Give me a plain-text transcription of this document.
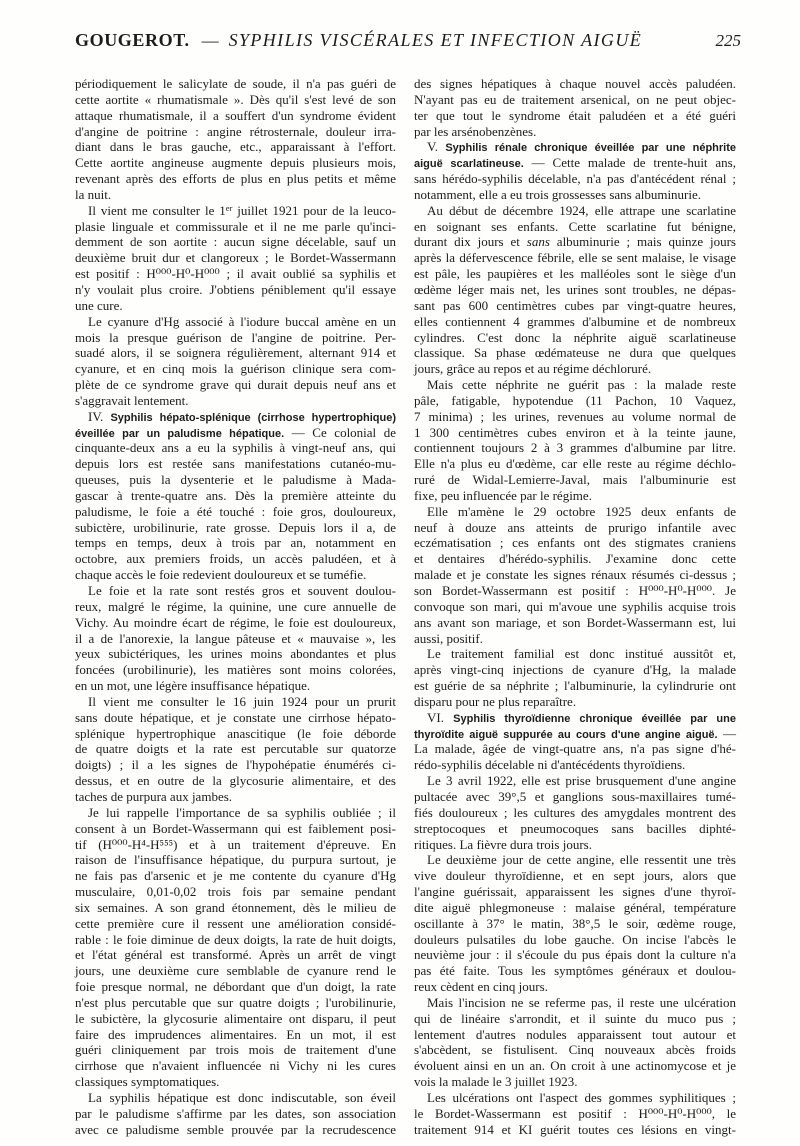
GOUGEROT. — SYPHILIS VISCÉRALES ET INFECTION AIGUË	225
périodiquement le salicylate de soude, il n'a pas guéri de
cette aortite « rhumatismale ». Dès qu'il s'est levé de son
attaque rhumatismale, il a souffert d'un syndrome évident
d'angine de poitrine : angine rétrosternale, douleur irra-
diant dans le bras gauche, etc., apparaissant à l'effort.
Cette aortite angineuse augmente depuis plusieurs mois,
revenant après des efforts de plus en plus petits et même
la nuit.
Il vient me consulter le 1er juillet 1921 pour de la leuco-
plasie linguale et commissurale et il ne me parle qu'inci-
demment de son aortite : aucun signe décelable, sauf un
deuxième bruit dur et clangoreux ; le Bordet-Wassermann
est positif : H⁰⁰⁰-H⁰-H⁰⁰⁰ ; il avait oublié sa syphilis et
n'y voulait plus croire. J'obtiens péniblement qu'il essaye
une cure.
Le cyanure d'Hg associé à l'iodure buccal amène en un
mois la presque guérison de l'angine de poitrine. Per-
suadé alors, il se soignera régulièrement, alternant 914 et
cyanure, et en cinq mois la guérison clinique sera com-
plète de ce syndrome grave qui durait depuis neuf ans et
s'aggravait lentement.
IV. Syphilis hépato-splénique (cirrhose hypertrophique)
éveillée par un paludisme hépatique. — Ce colonial de
cinquante-deux ans a eu la syphilis à vingt-neuf ans, qui
depuis lors est restée sans manifestations cutanéo-mu-
queuses, puis la dysenterie et le paludisme à Mada-
gascar à trente-quatre ans. Dès la première atteinte du
paludisme, le foie a été touché : foie gros, douloureux,
subictère, urobilinurie, rate grosse. Depuis lors il a, de
temps en temps, deux à trois par an, notamment en
octobre, aux premiers froids, un accès paludéen, et à
chaque accès le foie redevient douloureux et se tuméfie.
Le foie et la rate sont restés gros et souvent doulou-
reux, malgré le régime, la quinine, une cure annuelle de
Vichy. Au moindre écart de régime, le foie est douloureux,
il a de l'anorexie, la langue pâteuse et « mauvaise », les
yeux subictériques, les urines moins abondantes et plus
foncées (urobilinurie), les matières sont moins colorées,
en un mot, une légère insuffisance hépatique.
Il vient me consulter le 16 juin 1924 pour un prurit
sans doute hépatique, et je constate une cirrhose hépato-
splénique hypertrophique anascitique (le foie déborde
de quatre doigts et la rate est percutable sur quatorze
doigts) ; il a les signes de l'hypohépatie énumérés ci-
dessus, et en outre de la glycosurie alimentaire, et des
taches de purpura aux jambes.
Je lui rappelle l'importance de sa syphilis oubliée ; il
consent à un Bordet-Wassermann qui est faiblement posi-
tif (H⁰⁰⁰-H⁴-H⁵⁵⁵) et à un traitement d'épreuve. En
raison de l'insuffisance hépatique, du purpura surtout, je
ne fais pas d'arsenic et je me contente du cyanure d'Hg
musculaire, 0,01-0,02 trois fois par semaine pendant
six semaines. A son grand étonnement, dès le milieu de
cette première cure il ressent une amélioration considé-
rable : le foie diminue de deux doigts, la rate de huit doigts,
et l'état général est transformé. Après un arrêt de vingt
jours, une deuxième cure semblable de cyanure rend le
foie presque normal, ne débordant que d'un doigt, la rate
n'est plus percutable que sur quatre doigts ; l'urobilinurie,
le subictère, la glycosurie alimentaire ont disparu, il peut
faire des imprudences alimentaires. En un mot, il est
guéri cliniquement par trois mois de traitement d'une
cirrhose que n'avaient influencée ni Vichy ni les cures
classiques symptomatiques.
La syphilis hépatique est donc indiscutable, son éveil
par le paludisme s'affirme par les dates, son association
avec ce paludisme semble prouvée par la recrudescence
des signes hépatiques à chaque nouvel accès paludéen.
N'ayant pas eu de traitement arsenical, on ne peut objec-
ter que tout le syndrome était paludéen et a été guéri
par les arsénobenzènes.
V. Syphilis rénale chronique éveillée par une néphrite
aiguë scarlatineuse. — Cette malade de trente-huit ans,
sans hérédo-syphilis décelable, n'a pas d'antécédent rénal ;
notamment, elle a eu trois grossesses sans albuminurie.
Au début de décembre 1924, elle attrape une scarlatine
en soignant ses enfants. Cette scarlatine fut bénigne,
durant dix jours et sans albuminurie ; mais quinze jours
après la défervescence fébrile, elle se sent malaise, le visage
est pâle, les paupières et les malléoles sont le siège d'un
œdème léger mais net, les urines sont troubles, ne dépas-
sant pas 600 centimètres cubes par vingt-quatre heures,
elles contiennent 4 grammes d'albumine et de nombreux
cylindres. C'est donc la néphrite aiguë scarlatineuse
classique. Sa phase œdémateuse ne dura que quelques
jours, grâce au repos et au régime déchloruré.
Mais cette néphrite ne guérit pas : la malade reste
pâle, fatigable, hypotendue (11 Pachon, 10 Vaquez,
7 minima) ; les urines, revenues au volume normal de
1 300 centimètres cubes environ et à la teinte jaune,
contiennent toujours 2 à 3 grammes d'albumine par litre.
Elle n'a plus eu d'œdème, car elle reste au régime déchlo-
ruré de Widal-Lemierre-Javal, mais l'albuminurie est
fixe, peu influencée par le régime.
Elle m'amène le 29 octobre 1925 deux enfants de
neuf à douze ans atteints de prurigo infantile avec
eczématisation ; ces enfants ont des stigmates craniens
et dentaires d'hérédo-syphilis. J'examine donc cette
malade et je constate les signes rénaux résumés ci-dessus ;
son Bordet-Wassermann est positif : H⁰⁰⁰-H⁰-H⁰⁰⁰. Je
convoque son mari, qui m'avoue une syphilis acquise trois
ans avant son mariage, et son Bordet-Wassermann est, lui
aussi, positif.
Le traitement familial est donc institué aussitôt et,
après vingt-cinq injections de cyanure d'Hg, la malade
est guérie de sa néphrite ; l'albuminurie, la cylindrurie ont
disparu pour ne plus reparaître.
VI. Syphilis thyroïdienne chronique éveillée par une
thyroïdite aiguë suppurée au cours d'une angine aiguë. —
La malade, âgée de vingt-quatre ans, n'a pas signe d'hé-
rédo-syphilis décelable ni d'antécédents thyroïdiens.
Le 3 avril 1922, elle est prise brusquement d'une angine
pultacée avec 39°,5 et ganglions sous-maxillaires tumé-
fiés douloureux ; les cultures des amygdales montrent des
streptocoques et pneumocoques sans bacilles diphté-
ritiques. La fièvre dura trois jours.
Le deuxième jour de cette angine, elle ressentit une très
vive douleur thyroïdienne, et en sept jours, alors que
l'angine guérissait, apparaissent les signes d'une thyroï-
dite aiguë phlegmoneuse : malaise général, température
oscillante à 37° le matin, 38°,5 le soir, œdème rouge,
douleurs pulsatiles du lobe gauche. On incise l'abcès le
neuvième jour : il s'écoule du pus épais dont la culture n'a
pas été faite. Tous les symptômes généraux et doulou-
reux cèdent en cinq jours.
Mais l'incision ne se referme pas, il reste une ulcération
qui de linéaire s'arrondit, et il suinte du muco pus ;
lentement d'autres nodules apparaissent tout autour et
s'abcèdent, se fistulisent. Cinq nouveaux abcès froids
évoluent ainsi en un an. On croit à une actinomycose et je
vois la malade le 3 juillet 1923.
Les ulcérations ont l'aspect des gommes syphilitiques ;
le Bordet-Wassermann est positif : H⁰⁰⁰-H⁰-H⁰⁰⁰, le
traitement 914 et KI guérit toutes ces lésions en vingt-
